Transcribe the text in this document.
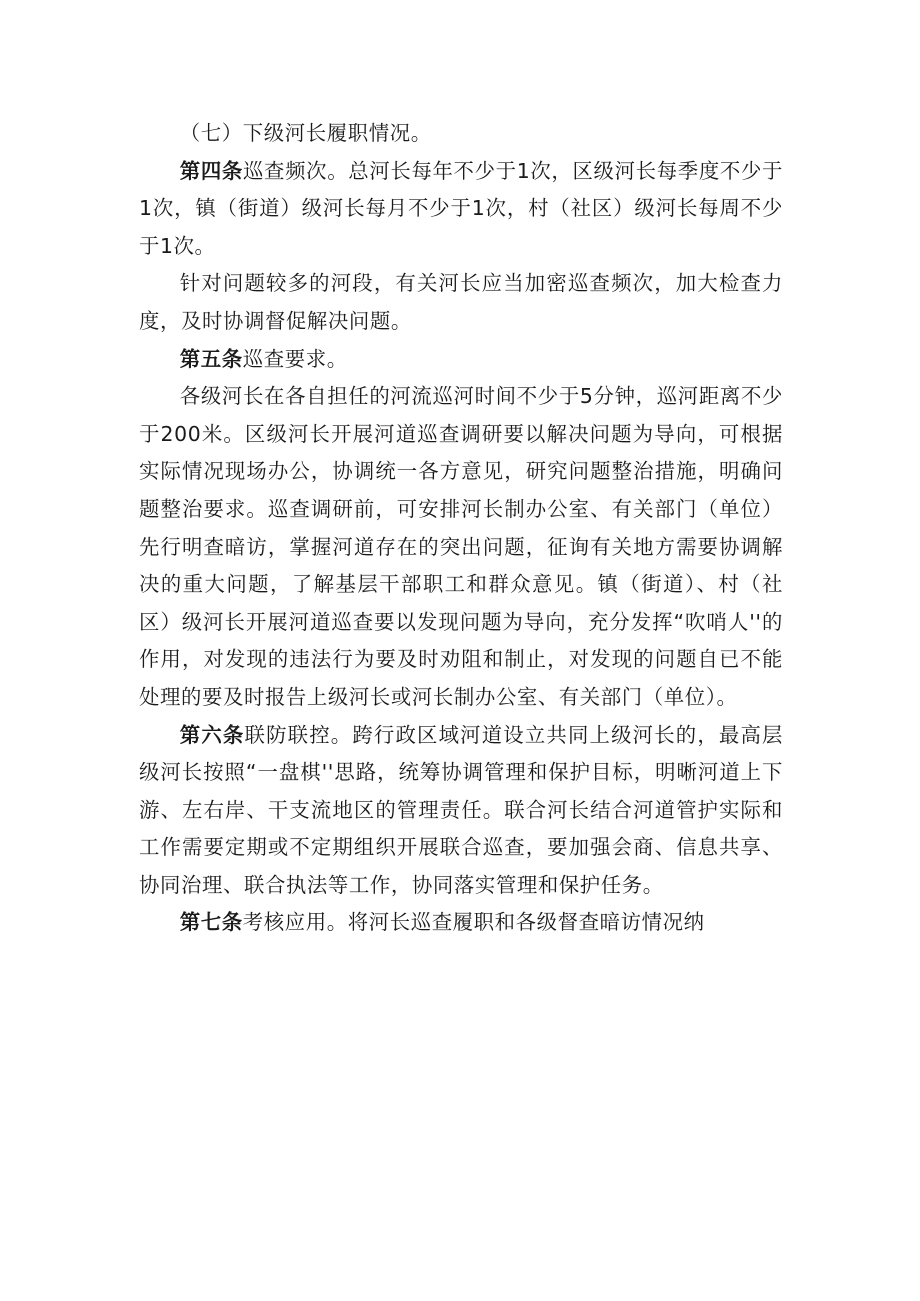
（七）下级河长履职情况。

第四条巡查频次。总河长每年不少于1次，区级河长每季度不少于1次，镇（街道）级河长每月不少于1次，村（社区）级河长每周不少于1次。

针对问题较多的河段，有关河长应当加密巡查频次，加大检查力度，及时协调督促解决问题。

第五条巡查要求。

各级河长在各自担任的河流巡河时间不少于5分钟，巡河距离不少于200米。区级河长开展河道巡查调研要以解决问题为导向，可根据实际情况现场办公，协调统一各方意见，研究问题整治措施，明确问题整治要求。巡查调研前，可安排河长制办公室、有关部门（单位）先行明查暗访，掌握河道存在的突出问题，征询有关地方需要协调解决的重大问题，了解基层干部职工和群众意见。镇（街道）、村（社区）级河长开展河道巡查要以发现问题为导向，充分发挥“吹哨人''的作用，对发现的违法行为要及时劝阻和制止，对发现的问题自已不能处理的要及时报告上级河长或河长制办公室、有关部门（单位）。

第六条联防联控。跨行政区域河道设立共同上级河长的，最高层级河长按照“一盘棋''思路，统筹协调管理和保护目标，明晰河道上下游、左右岸、干支流地区的管理责任。联合河长结合河道管护实际和工作需要定期或不定期组织开展联合巡查，要加强会商、信息共享、协同治理、联合执法等工作，协同落实管理和保护任务。

第七条考核应用。将河长巡查履职和各级督查暗访情况纳
